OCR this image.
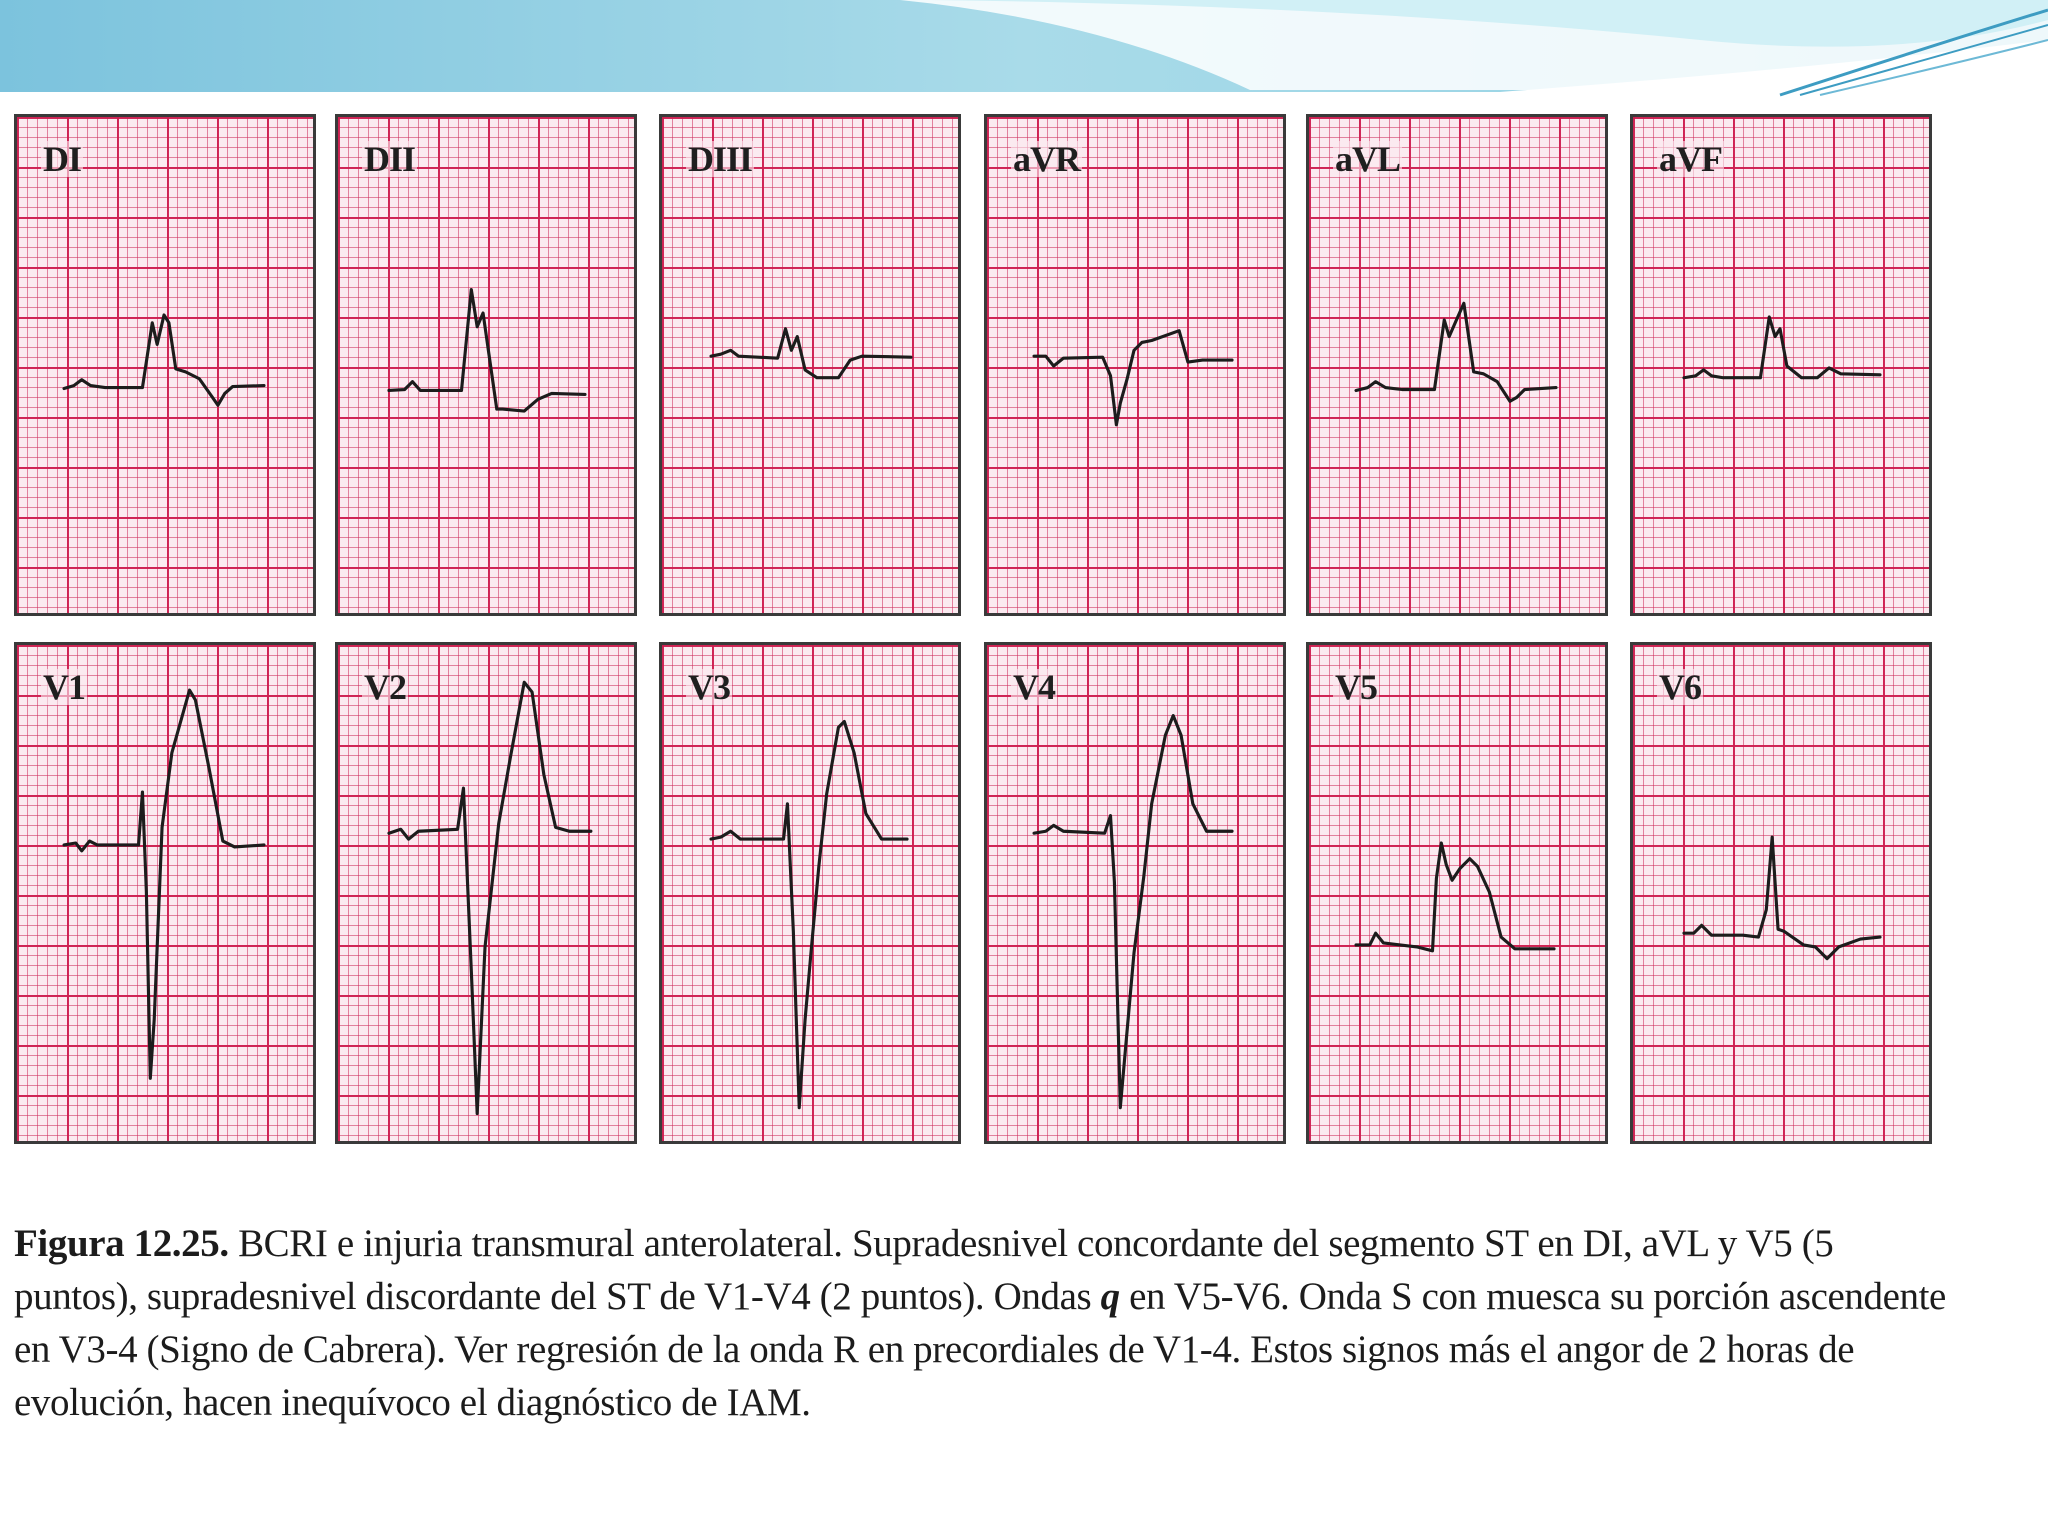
DI	DII	DIII	aVR	aVL	aVF
V1	V2	V3	V4	V5	V6

Figura 12.25. BCRI e injuria transmural anterolateral. Supradesnivel concordante del segmento ST en DI, aVL y V5 (5 puntos), supradesnivel discordante del ST de V1-V4 (2 puntos). Ondas q en V5-V6. Onda S con muesca su porción ascendente en V3-4 (Signo de Cabrera). Ver regresión de la onda R en precordiales de V1-4. Estos signos más el angor de 2 horas de evolución, hacen inequívoco el diagnóstico de IAM.
